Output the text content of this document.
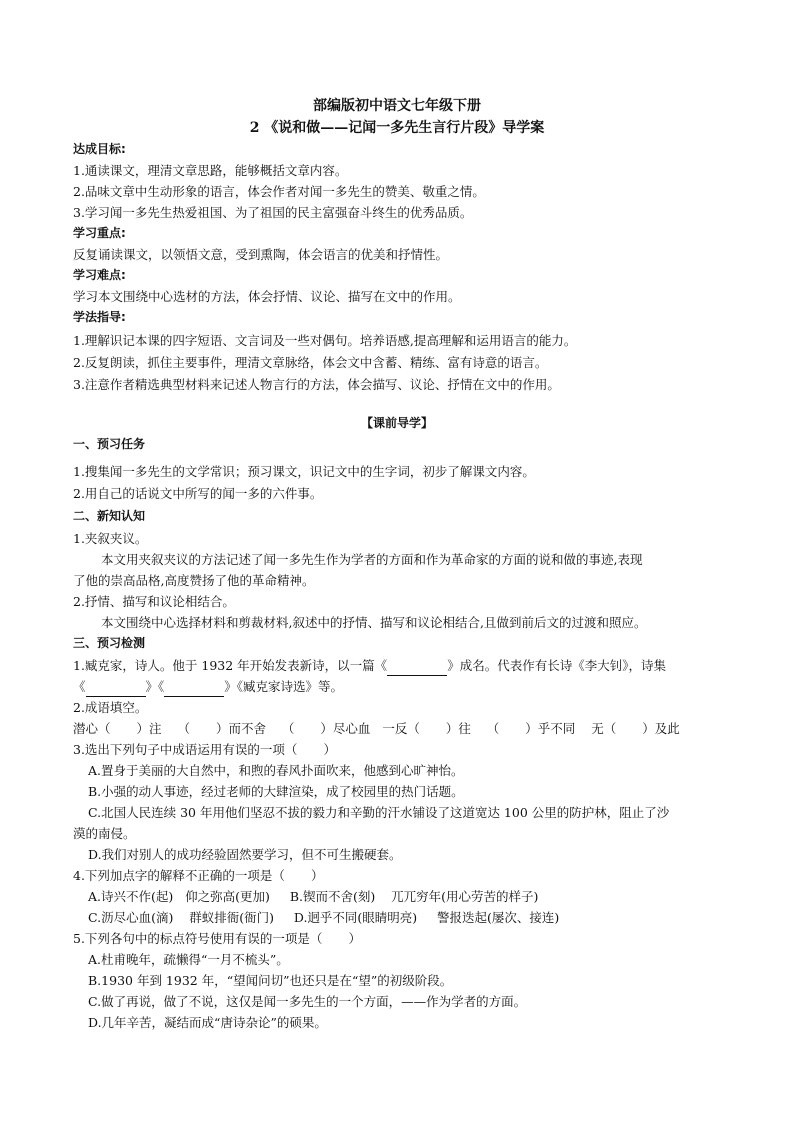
部编版初中语文七年级下册
2 《说和做——记闻一多先生言行片段》导学案
达成目标:
1.通读课文，理清文章思路，能够概括文章内容。
2.品味文章中生动形象的语言，体会作者对闻一多先生的赞美、敬重之情。
3.学习闻一多先生热爱祖国、为了祖国的民主富强奋斗终生的优秀品质。
学习重点:
反复诵读课文，以领悟文意，受到熏陶，体会语言的优美和抒情性。
学习难点:
学习本文围绕中心选材的方法，体会抒情、议论、描写在文中的作用。
学法指导:
1.理解识记本课的四字短语、文言词及一些对偶句。培养语感,提高理解和运用语言的能力。
2.反复朗读，抓住主要事件，理清文章脉络，体会文中含蓄、精练、富有诗意的语言。
3.注意作者精选典型材料来记述人物言行的方法，体会描写、议论、抒情在文中的作用。
【课前导学】
一、预习任务
1.搜集闻一多先生的文学常识；预习课文，识记文中的生字词，初步了解课文内容。
2.用自己的话说文中所写的闻一多的六件事。
二、新知认知
1.夹叙夹议。
本文用夹叙夹议的方法记述了闻一多先生作为学者的方面和作为革命家的方面的说和做的事迹,表现
了他的崇高品格,高度赞扬了他的革命精神。
2.抒情、描写和议论相结合。
本文围绕中心选择材料和剪裁材料,叙述中的抒情、描写和议论相结合,且做到前后文的过渡和照应。
三、预习检测
1.臧克家，诗人。他于 1932 年开始发表新诗，以一篇《	》成名。代表作有长诗《李大钊》，诗集
《	》《	》《臧克家诗选》等。
2.成语填空。
潜心（ ）注 （ ）而不舍 （ ）尽心血 一反（ ）往 （ ）乎不同 无（ ）及此
3.选出下列句子中成语运用有误的一项（ ）
A.置身于美丽的大自然中，和煦的春风扑面吹来，他感到心旷神怡。
B.小强的动人事迹，经过老师的大肆渲染，成了校园里的热门话题。
C.北国人民连续 30 年用他们坚忍不拔的毅力和辛勤的汗水铺设了这道宽达 100 公里的防护林，阻止了沙
漠的南侵。
D.我们对别人的成功经验固然要学习，但不可生搬硬套。
4.下列加点字的解释不正确的一项是（ ）
A.诗兴不作(起)   仰之弥高(更加) B.锲而不舍(刻)    兀兀穷年(用心劳苦的样子)
C.沥尽心血(滴)    群蚁排衙(衙门) D.迥乎不同(眼睛明亮)     警报迭起(屡次、接连)
5.下列各句中的标点符号使用有误的一项是（ ）
A.杜甫晚年，疏懒得“一月不梳头”。
B.1930 年到 1932 年，“望闻问切”也还只是在“望”的初级阶段。
C.做了再说，做了不说，这仅是闻一多先生的一个方面，——作为学者的方面。
D.几年辛苦，凝结而成“唐诗杂论”的硕果。
